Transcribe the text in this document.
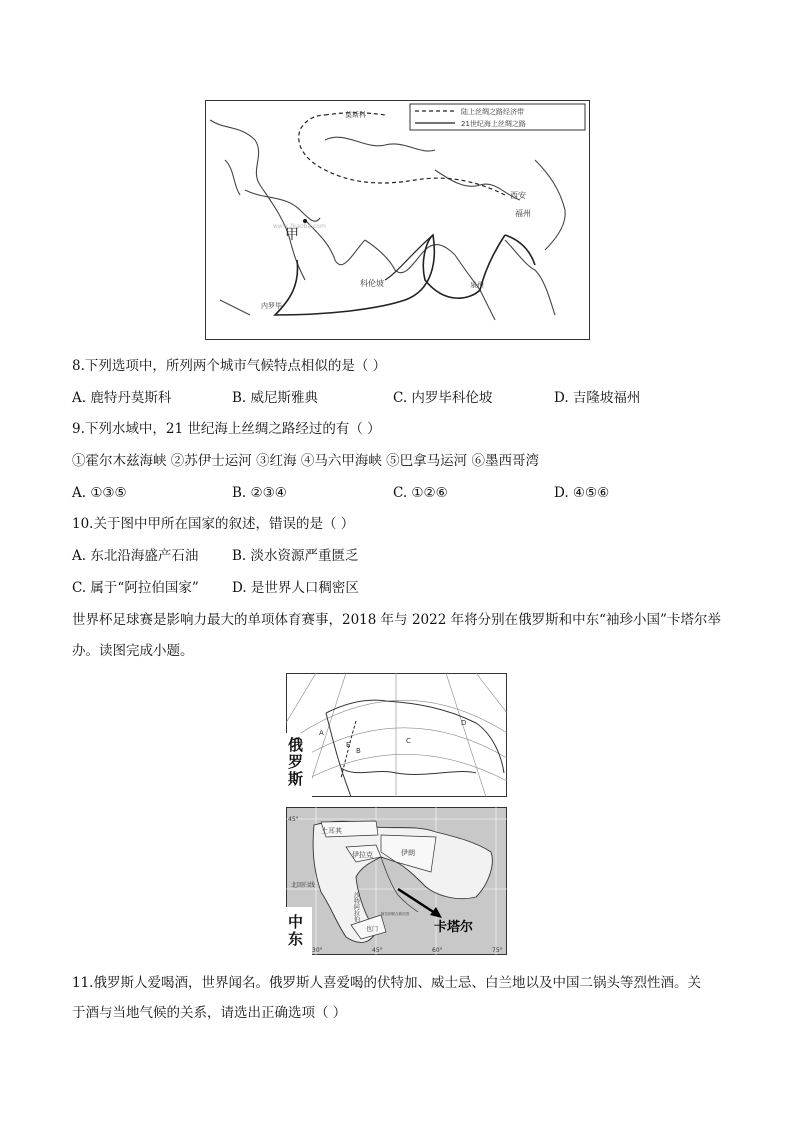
陆上丝绸之路经济带
21世纪海上丝绸之路
莫斯科
甲
科伦坡
内罗毕
西安
福州
泉州
www.2kaoba.com
8.下列选项中，所列两个城市气候特点相似的是（ ）
A. 鹿特丹莫斯科	B. 威尼斯雅典	C. 内罗毕科伦坡	D. 吉隆坡福州
9.下列水域中，21 世纪海上丝绸之路经过的有（ ）
①霍尔木兹海峡 ②苏伊士运河 ③红海 ④马六甲海峡 ⑤巴拿马运河 ⑥墨西哥湾
A. ①③⑤	B. ②③④	C. ①②⑥	D. ④⑤⑥
10.关于图中甲所在国家的叙述，错误的是（ ）
A. 东北沿海盛产石油 B. 淡水资源严重匮乏
C. 属于“阿拉伯国家” D. 是世界人口稠密区
世界杯足球赛是影响力最大的单项体育赛事，2018 年与 2022 年将分别在俄罗斯和中东“袖珍小国”卡塔尔举
办。读图完成小题。
俄罗斯
A
B
C
D
E
土耳其
伊拉克	伊朗
沙特阿拉伯	阿拉伯联合酋长国
也门
北回归线
45°
30°	45°	60°	75°
卡塔尔
中东
11.俄罗斯人爱喝酒，世界闻名。俄罗斯人喜爱喝的伏特加、威士忌、白兰地以及中国二锅头等烈性酒。关
于酒与当地气候的关系，请选出正确选项（ ）
